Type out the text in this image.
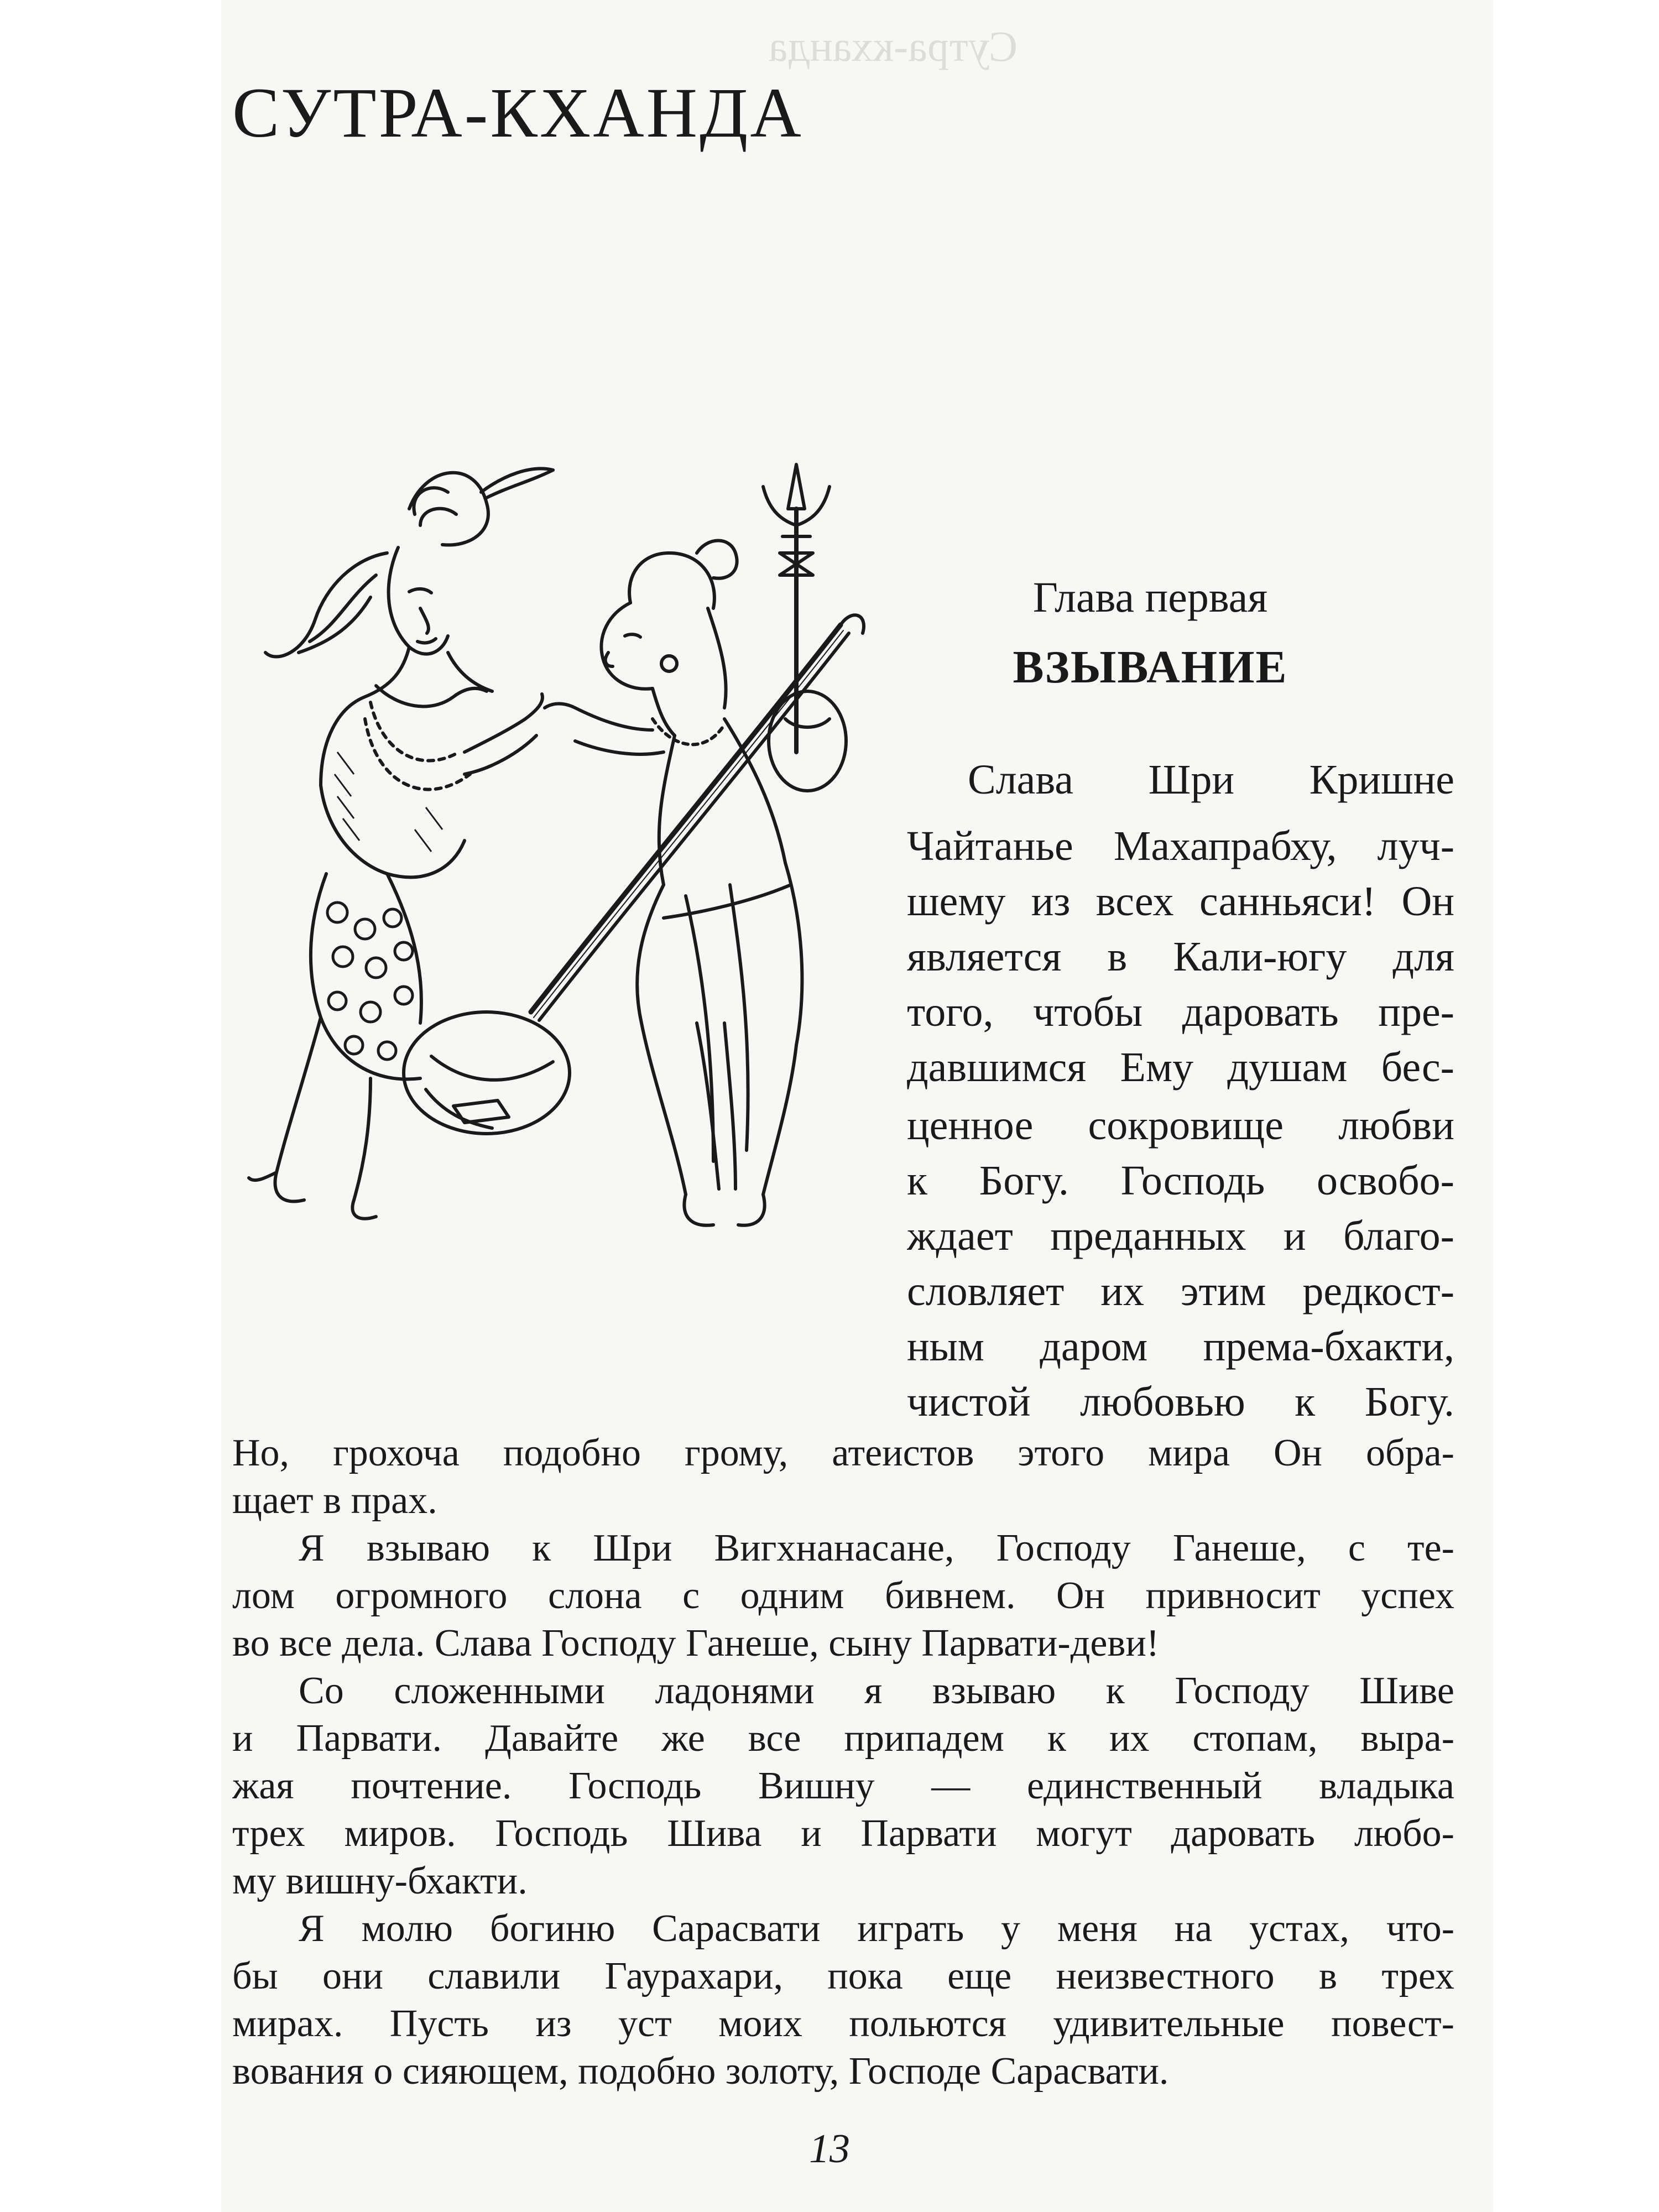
Сутра-кханда
СУТРА-КХАНДА
Глава первая
ВЗЫВАНИЕ
Слава Шри Кришне
Чайтанье Махапрабху, луч-
шему из всех санньяси! Он
является в Кали-югу для
того, чтобы даровать пре-
давшимся Ему душам бес-
ценное сокровище любви
к Богу. Господь освобо-
ждает преданных и благо-
словляет их этим редкост-
ным даром према-бхакти,
чистой любовью к Богу.
Но, грохоча подобно грому, атеистов этого мира Он обра-
щает в прах.
Я взываю к Шри Вигхнанасане, Господу Ганеше, с те-
лом огромного слона с одним бивнем. Он привносит успех
во все дела. Слава Господу Ганеше, сыну Парвати-деви!
Со сложенными ладонями я взываю к Господу Шиве
и Парвати. Давайте же все припадем к их стопам, выра-
жая почтение. Господь Вишну — единственный владыка
трех миров. Господь Шива и Парвати могут даровать любо-
му вишну-бхакти.
Я молю богиню Сарасвати играть у меня на устах, что-
бы они славили Гаурахари, пока еще неизвестного в трех
мирах. Пусть из уст моих польются удивительные повест-
вования о сияющем, подобно золоту, Господе Сарасвати.
13
